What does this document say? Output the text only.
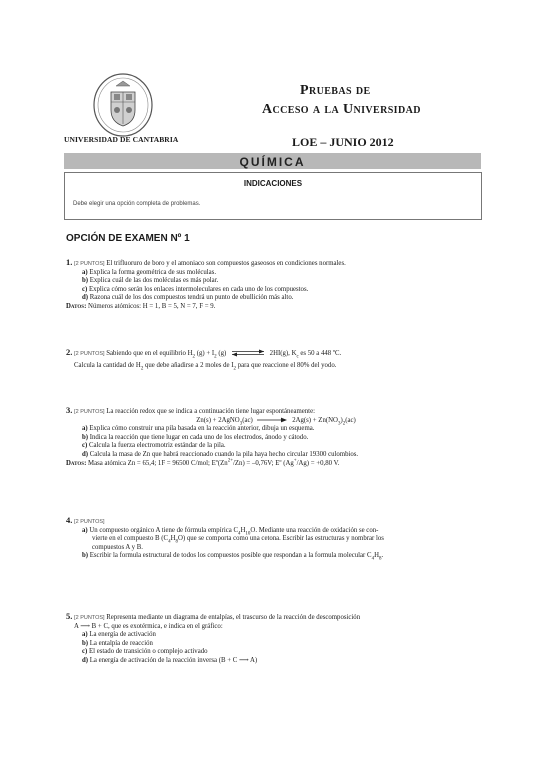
UNIVERSIDAD DE CANTABRIA
Pruebas de
Acceso a la Universidad
LOE – JUNIO 2012
QUÍMICA
INDICACIONES
Debe elegir una opción completa de problemas.
OPCIÓN DE EXAMEN Nº 1
1. [2 PUNTOS] El trifluoruro de boro y el amoniaco son compuestos gaseosos en condiciones normales.
a) Explica la forma geométrica de sus moléculas.
b) Explica cuál de las dos moléculas es más polar.
c) Explica cómo serán los enlaces intermoleculares en cada uno de los compuestos.
d) Razona cuál de los dos compuestos tendrá un punto de ebullición más alto.
Datos: Números atómicos: H = 1, B = 5, N = 7, F = 9.
2. [2 PUNTOS] Sabiendo que en el equilibrio $H_2$ $(g) + I_2$ (g)	2HI(g), $K_c$ es 50 a 448 ºC.
Calcula la cantidad de $H_2$ que debe añadirse a 2 moles de $I_2$ para que reaccione el 80% del yodo.
3. [2 PUNTOS] La reacción redox que se indica a continuación tiene lugar espontáneamente:
Zn(s) + 2AgNO$_3$(ac)	$2Ag(s) + Zn(NO_3)_2(ac)$
a) Explica cómo construir una pila basada en la reacción anterior, dibuja un esquema.
b) Indica la reacción que tiene lugar en cada uno de los electrodos, ánodo y cátodo.
c) Calcula la fuerza electromotriz estándar de la pila.
d) Calcula la masa de Zn que habrá reaccionado cuando la pila haya hecho circular 19300 culombios.
Datos: Masa atómica Zn = 65,4; 1F = 96500 C/mol; $Eº(Zn^{2+}/Zn) = -0,76V$; Eº (Ag+/Ag) = +0,80 V.
4. [2 PUNTOS]
a) Un compuesto orgánico A tiene de fórmula empírica $C_4H_{10}O$. Mediante una reacción de oxidación se con-
vierte en el compuesto B $(C_4H_8O)$ que se comporta como una cetona. Escribir las estructuras y nombrar los
compuestos A y B.
b) Escribir la formula estructural de todos los compuestos posible que respondan a la formula molecular $C_4H_8$.
5. [2 PUNTOS] Representa mediante un diagrama de entalpías, el trascurso de la reacción de descomposición
A ⟶ B + C, que es exotérmica, e indica en el gráfico:
a) La energía de activación
b) La entalpía de reacción
c) El estado de transición o complejo activado
d) La energía de activación de la reacción inversa (B + C ⟶ A)
